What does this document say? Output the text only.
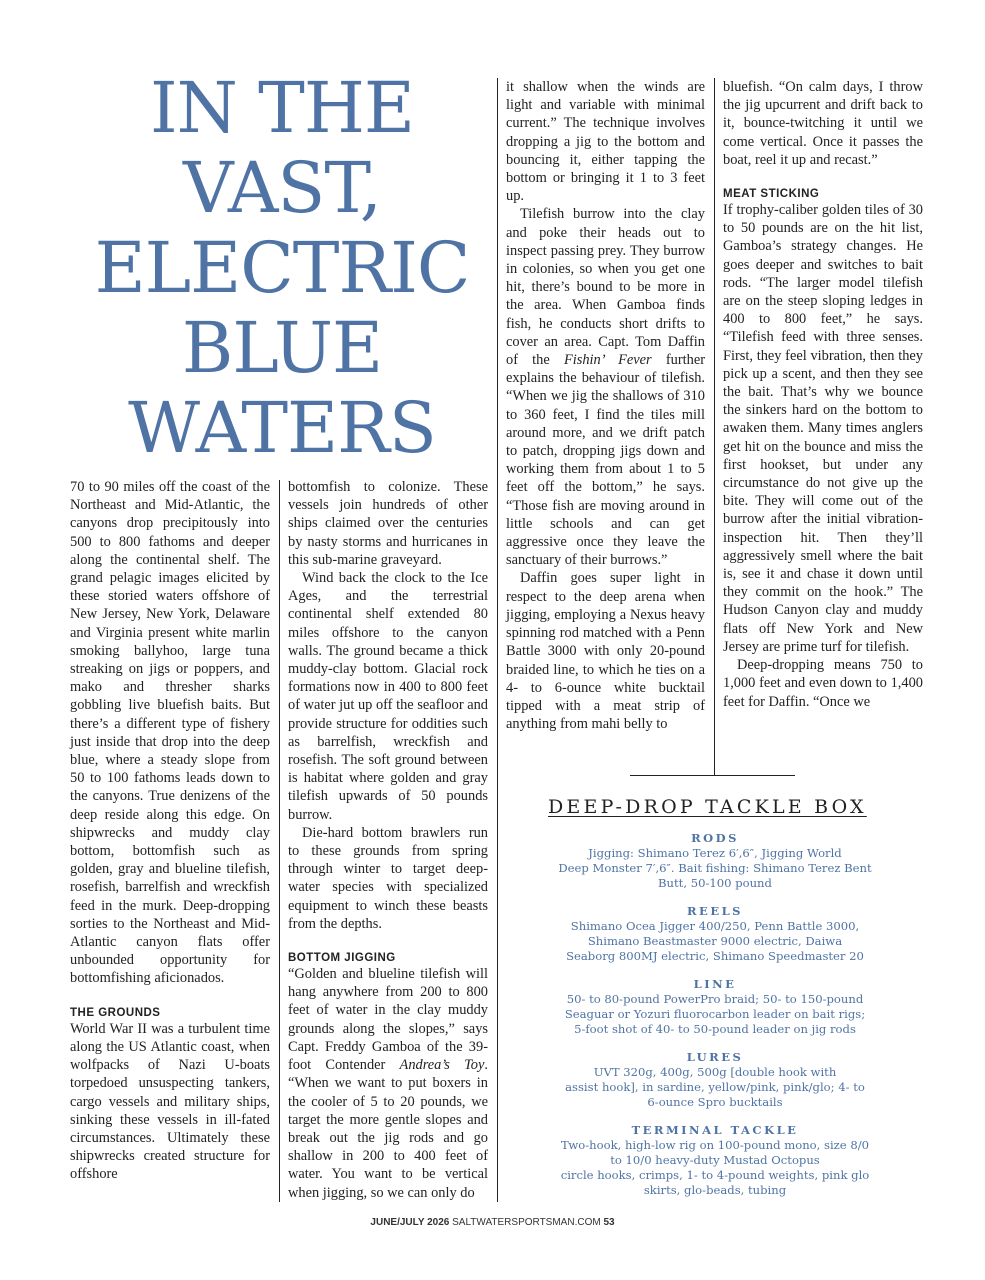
IN THE
VAST,
ELECTRIC
BLUE
WATERS

70 to 90 miles off the coast of the Northeast and Mid-Atlantic, the canyons drop precipitously into 500 to 800 fathoms and deeper along the continental shelf. The grand pelagic images elicited by these storied waters offshore of New Jersey, New York, Delaware and Virginia present white marlin smoking ballyhoo, large tuna streaking on jigs or poppers, and mako and thresher sharks gobbling live bluefish baits. But there’s a different type of fishery just inside that drop into the deep blue, where a steady slope from 50 to 100 fathoms leads down to the canyons. True denizens of the deep reside along this edge. On shipwrecks and muddy clay bottom, bottomfish such as golden, gray and blueline tilefish, rosefish, barrelfish and wreckfish feed in the murk. Deep-dropping sorties to the Northeast and Mid-Atlantic canyon flats offer unbounded opportunity for bottomfishing aficionados.

THE GROUNDS

World War II was a turbulent time along the US Atlantic coast, when wolfpacks of Nazi U-boats torpedoed unsuspecting tankers, cargo vessels and military ships, sinking these vessels in ill-fated circumstances. Ultimately these shipwrecks created structure for offshore

bottomfish to colonize. These vessels join hundreds of other ships claimed over the centuries by nasty storms and hurricanes in this sub-marine graveyard.

Wind back the clock to the Ice Ages, and the terrestrial continental shelf extended 80 miles offshore to the canyon walls. The ground became a thick muddy-clay bottom. Glacial rock formations now in 400 to 800 feet of water jut up off the seafloor and provide structure for oddities such as barrelfish, wreckfish and rosefish. The soft ground between is habitat where golden and gray tilefish upwards of 50 pounds burrow.

Die-hard bottom brawlers run to these grounds from spring through winter to target deep-water species with specialized equipment to winch these beasts from the depths.

BOTTOM JIGGING

“Golden and blueline tilefish will hang anywhere from 200 to 800 feet of water in the clay muddy grounds along the slopes,” says Capt. Freddy Gamboa of the 39-foot Contender Andrea’s Toy. “When we want to put boxers in the cooler of 5 to 20 pounds, we target the more gentle slopes and break out the jig rods and go shallow in 200 to 400 feet of water. You want to be vertical when jigging, so we can only do

it shallow when the winds are light and variable with minimal current.” The technique involves dropping a jig to the bottom and bouncing it, either tapping the bottom or bringing it 1 to 3 feet up.

Tilefish burrow into the clay and poke their heads out to inspect passing prey. They burrow in colonies, so when you get one hit, there’s bound to be more in the area. When Gamboa finds fish, he conducts short drifts to cover an area. Capt. Tom Daffin of the Fishin’ Fever further explains the behaviour of tilefish. “When we jig the shallows of 310 to 360 feet, I find the tiles mill around more, and we drift patch to patch, dropping jigs down and working them from about 1 to 5 feet off the bottom,” he says. “Those fish are moving around in little schools and can get aggressive once they leave the sanctuary of their burrows.”

Daffin goes super light in respect to the deep arena when jigging, employing a Nexus heavy spinning rod matched with a Penn Battle 3000 with only 20-pound braided line, to which he ties on a 4- to 6-ounce white bucktail tipped with a meat strip of anything from mahi belly to

bluefish. “On calm days, I throw the jig upcurrent and drift back to it, bounce-twitching it until we come vertical. Once it passes the boat, reel it up and recast.”

MEAT STICKING

If trophy-caliber golden tiles of 30 to 50 pounds are on the hit list, Gamboa’s strategy changes. He goes deeper and switches to bait rods. “The larger model tilefish are on the steep sloping ledges in 400 to 800 feet,” he says. “Tilefish feed with three senses. First, they feel vibration, then they pick up a scent, and then they see the bait. That’s why we bounce the sinkers hard on the bottom to awaken them. Many times anglers get hit on the bounce and miss the first hookset, but under any circumstance do not give up the bite. They will come out of the burrow after the initial vibration-inspection hit. Then they’ll aggressively smell where the bait is, see it and chase it down until they commit on the hook.” The Hudson Canyon clay and muddy flats off New York and New Jersey are prime turf for tilefish.

Deep-dropping means 750 to 1,000 feet and even down to 1,400 feet for Daffin. “Once we

DEEP-DROP TACKLE BOX
RODS
Jigging: Shimano Terez 6′,6″, Jigging World
Deep Monster 7′,6″. Bait fishing: Shimano Terez Bent
Butt, 50-100 pound
REELS
Shimano Ocea Jigger 400/250, Penn Battle 3000,
Shimano Beastmaster 9000 electric, Daiwa
Seaborg 800MJ electric, Shimano Speedmaster 20
LINE
50- to 80-pound PowerPro braid; 50- to 150-pound
Seaguar or Yozuri fluorocarbon leader on bait rigs;
5-foot shot of 40- to 50-pound leader on jig rods
LURES
UVT 320g, 400g, 500g [double hook with
assist hook], in sardine, yellow/pink, pink/glo; 4- to
6-ounce Spro bucktails
TERMINAL TACKLE
Two-hook, high-low rig on 100-pound mono, size 8/0
to 10/0 heavy-duty Mustad Octopus
circle hooks, crimps, 1- to 4-pound weights, pink glo
skirts, glo-beads, tubing
JUNE/JULY 2026 SALTWATERSPORTSMAN.COM 53
